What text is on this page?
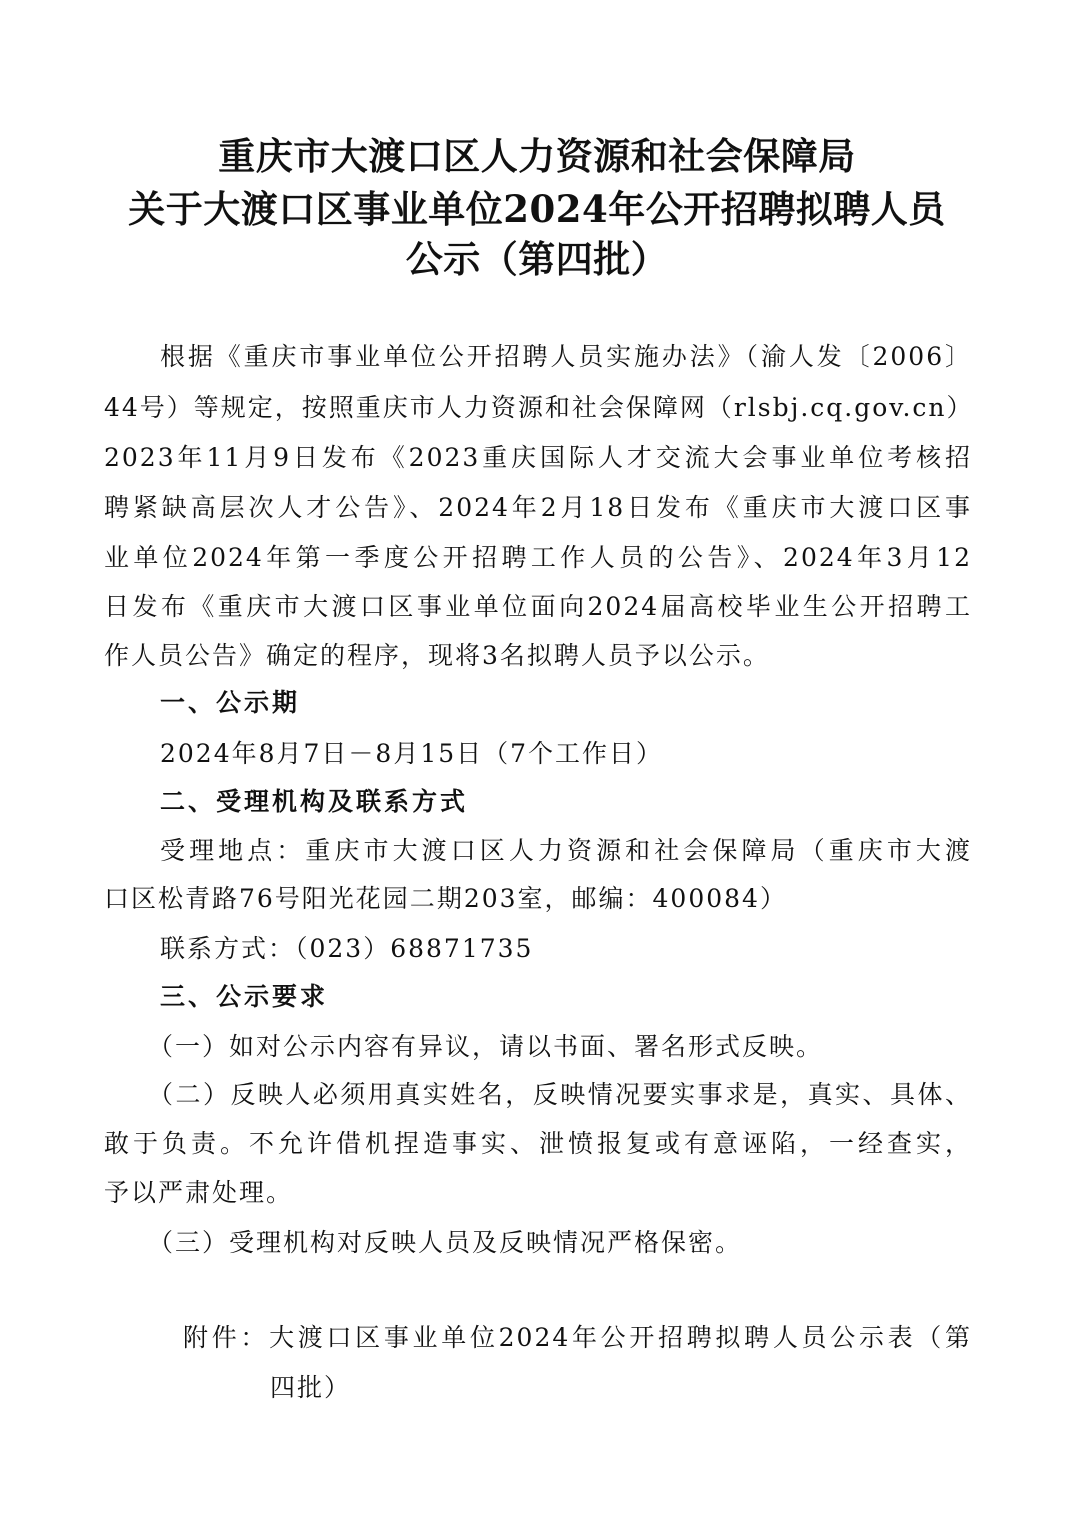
重庆市大渡口区人力资源和社会保障局
关于大渡口区事业单位2024年公开招聘拟聘人员
公示（第四批）
根据《重庆市事业单位公开招聘人员实施办法》（渝人发〔2006〕
44号）等规定，按照重庆市人力资源和社会保障网（rlsbj.cq.gov.cn）
2023年11月9日发布《2023重庆国际人才交流大会事业单位考核招
聘紧缺高层次人才公告》、2024年2月18日发布《重庆市大渡口区事
业单位2024年第一季度公开招聘工作人员的公告》、2024年3月12
日发布《重庆市大渡口区事业单位面向2024届高校毕业生公开招聘工
作人员公告》确定的程序，现将3名拟聘人员予以公示。
一、公示期
2024年8月7日－8月15日（7个工作日）
二、受理机构及联系方式
受理地点：重庆市大渡口区人力资源和社会保障局（重庆市大渡
口区松青路76号阳光花园二期203室，邮编：400084）
联系方式：（023）68871735
三、公示要求
（一）如对公示内容有异议，请以书面、署名形式反映。
（二）反映人必须用真实姓名，反映情况要实事求是，真实、具体、
敢于负责。不允许借机捏造事实、泄愤报复或有意诬陷，一经查实，
予以严肃处理。
（三）受理机构对反映人员及反映情况严格保密。
附件：大渡口区事业单位2024年公开招聘拟聘人员公示表（第
四批）
